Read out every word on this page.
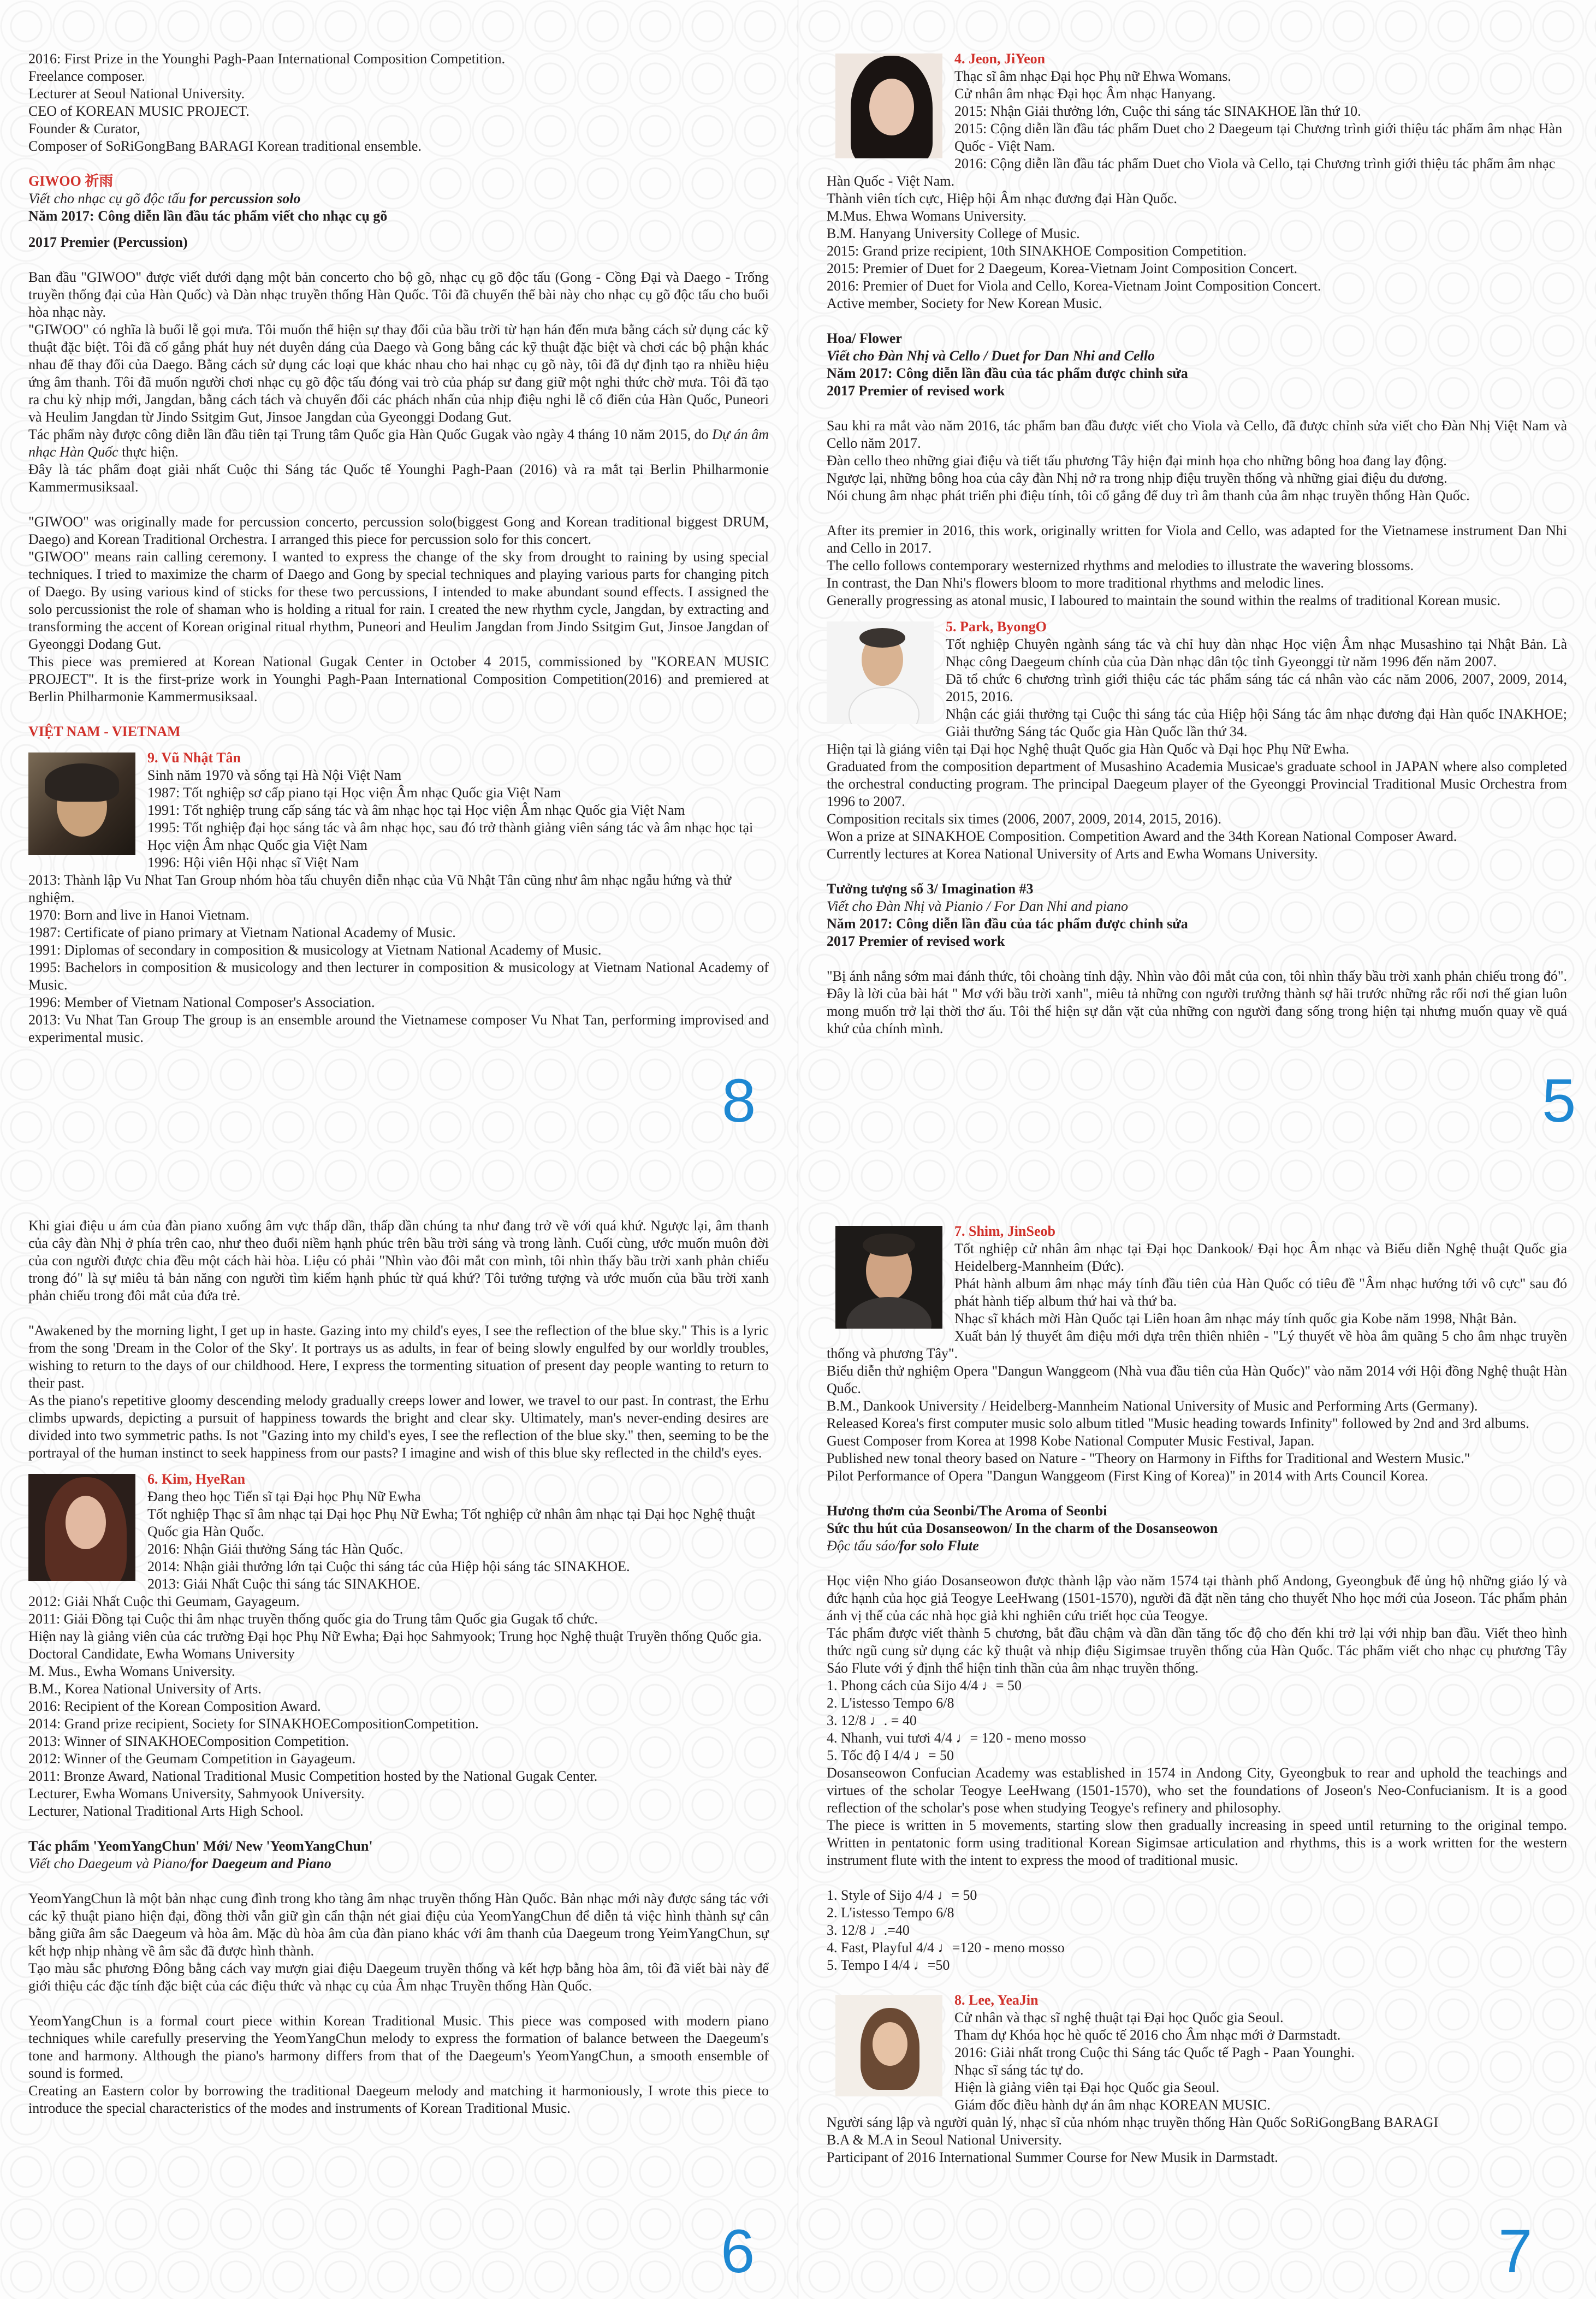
2016: First Prize in the Younghi Pagh-Paan International Composition Competition.

Freelance composer.

Lecturer at Seoul National University.

CEO of KOREAN MUSIC PROJECT.

Founder & Curator,

Composer of SoRiGongBang BARAGI Korean traditional ensemble.

GIWOO 祈雨

Viết cho nhạc cụ gõ độc tấu for percussion solo

Năm 2017: Công diễn lần đầu tác phẩm viết cho nhạc cụ gõ

2017 Premier (Percussion)

Ban đầu "GIWOO" được viết dưới dạng một bản concerto cho bộ gõ, nhạc cụ gõ độc tấu (Gong - Cồng Đại và Daego - Trống truyền thống đại của Hàn Quốc) và Dàn nhạc truyền thống Hàn Quốc. Tôi đã chuyển thể bài này cho nhạc cụ gõ độc tấu cho buổi hòa nhạc này.

"GIWOO" có nghĩa là buổi lễ gọi mưa. Tôi muốn thể hiện sự thay đổi của bầu trời từ hạn hán đến mưa bằng cách sử dụng các kỹ thuật đặc biệt. Tôi đã cố gắng phát huy nét duyên dáng của Daego và Gong bằng các kỹ thuật đặc biệt và chơi các bộ phận khác nhau để thay đổi của Daego. Bằng cách sử dụng các loại que khác nhau cho hai nhạc cụ gõ này, tôi đã dự định tạo ra nhiều hiệu ứng âm thanh. Tôi đã muốn người chơi nhạc cụ gõ độc tấu đóng vai trò của pháp sư đang giữ một nghi thức chờ mưa. Tôi đã tạo ra chu kỳ nhịp mới, Jangdan, bằng cách tách và chuyển đổi các phách nhấn của nhịp điệu nghi lễ cổ điển của Hàn Quốc, Puneori và Heulim Jangdan từ Jindo Ssitgim Gut, Jinsoe Jangdan của Gyeonggi Dodang Gut.

Tác phẩm này được công diễn lần đầu tiên tại Trung tâm Quốc gia Hàn Quốc Gugak vào ngày 4 tháng 10 năm 2015, do Dự án âm nhạc Hàn Quốc thực hiện.

Đây là tác phẩm đoạt giải nhất Cuộc thi Sáng tác Quốc tế Younghi Pagh-Paan (2016) và ra mắt tại Berlin Philharmonie Kammermusiksaal.

"GIWOO" was originally made for percussion concerto, percussion solo(biggest Gong and Korean traditional biggest DRUM, Daego) and Korean Traditional Orchestra. I arranged this piece for percussion solo for this concert.

"GIWOO" means rain calling ceremony. I wanted to express the change of the sky from drought to raining by using special techniques. I tried to maximize the charm of Daego and Gong by special techniques and playing various parts for changing pitch of Daego. By using various kind of sticks for these two percussions, I intended to make abundant sound effects. I assigned the solo percussionist the role of shaman who is holding a ritual for rain. I created the new rhythm cycle, Jangdan, by extracting and transforming the accent of Korean original ritual rhythm, Puneori and Heulim Jangdan from Jindo Ssitgim Gut, Jinsoe Jangdan of Gyeonggi Dodang Gut.

This piece was premiered at Korean National Gugak Center in October 4 2015, commissioned by "KOREAN MUSIC PROJECT". It is the first-prize work in Younghi Pagh-Paan International Composition Competition(2016) and premiered at Berlin Philharmonie Kammermusiksaal.

VIỆT NAM - VIETNAM

9. Vũ Nhật Tân

Sinh năm 1970 và sống tại Hà Nội Việt Nam

1987: Tốt nghiệp sơ cấp piano tại Học viện Âm nhạc Quốc gia Việt Nam

1991: Tốt nghiệp trung cấp sáng tác và âm nhạc học tại Học viện Âm nhạc Quốc gia Việt Nam

1995: Tốt nghiệp đại học sáng tác và âm nhạc học, sau đó trở thành giảng viên sáng tác và âm nhạc học tại Học viện Âm nhạc Quốc gia Việt Nam

1996: Hội viên Hội nhạc sĩ Việt Nam

2013: Thành lập Vu Nhat Tan Group nhóm hòa tấu chuyên diễn nhạc của Vũ Nhật Tân cũng như âm nhạc ngẫu hứng và thử nghiệm.

1970: Born and live in Hanoi Vietnam.

1987: Certificate of piano primary at Vietnam National Academy of Music.

1991: Diplomas of secondary in composition & musicology at Vietnam National Academy of Music.

1995: Bachelors in composition & musicology and then lecturer in composition & musicology at Vietnam National Academy of Music.

1996: Member of Vietnam National Composer's Association.

2013: Vu Nhat Tan Group The group is an ensemble around the Vietnamese composer Vu Nhat Tan, performing improvised and experimental music.

8

4. Jeon, JiYeon

Thạc sĩ âm nhạc Đại học Phụ nữ Ehwa Womans.

Cử nhân âm nhạc Đại học Âm nhạc Hanyang.

2015: Nhận Giải thưởng lớn, Cuộc thi sáng tác SINAKHOE lần thứ 10.

2015: Cộng diễn lần đầu tác phẩm Duet cho 2 Daegeum tại Chương trình giới thiệu tác phẩm âm nhạc Hàn Quốc - Việt Nam.

2016: Cộng diễn lần đầu tác phẩm Duet cho Viola và Cello, tại Chương trình giới thiệu tác phẩm âm nhạc Hàn Quốc - Việt Nam.

Thành viên tích cực, Hiệp hội Âm nhạc đương đại Hàn Quốc.

M.Mus. Ehwa Womans University.

B.M. Hanyang University College of Music.

2015: Grand prize recipient, 10th SINAKHOE Composition Competition.

2015: Premier of Duet for 2 Daegeum, Korea-Vietnam Joint Composition Concert.

2016: Premier of Duet for Viola and Cello, Korea-Vietnam Joint Composition Concert.

Active member, Society for New Korean Music.

Hoa/ Flower

Viết cho Đàn Nhị và Cello / Duet for Dan Nhi and Cello

Năm 2017: Công diễn lần đầu của tác phẩm được chỉnh sửa

2017 Premier of revised work

Sau khi ra mắt vào năm 2016, tác phẩm ban đầu được viết cho Viola và Cello, đã được chỉnh sửa viết cho Đàn Nhị Việt Nam và Cello năm 2017.

Đàn cello theo những giai điệu và tiết tấu phương Tây hiện đại minh họa cho những bông hoa đang lay động.

Ngược lại, những bông hoa của cây đàn Nhị nở ra trong nhịp điệu truyền thống và những giai điệu du dương.

Nói chung âm nhạc phát triển phi điệu tính, tôi cố gắng để duy trì âm thanh của âm nhạc truyền thống Hàn Quốc.

After its premier in 2016, this work, originally written for Viola and Cello, was adapted for the Vietnamese instrument Dan Nhi and Cello in 2017.

The cello follows contemporary westernized rhythms and melodies to illustrate the wavering blossoms.

In contrast, the Dan Nhi's flowers bloom to more traditional rhythms and melodic lines.

Generally progressing as atonal music, I laboured to maintain the sound within the realms of traditional Korean music.

5. Park, ByongO

Tốt nghiệp Chuyên ngành sáng tác và chỉ huy dàn nhạc Học viện Âm nhạc Musashino tại Nhật Bản. Là Nhạc công Daegeum chính của của Dàn nhạc dân tộc tỉnh Gyeonggi từ năm 1996 đến năm 2007.

Đã tổ chức 6 chương trình giới thiệu các tác phẩm sáng tác cá nhân vào các năm 2006, 2007, 2009, 2014, 2015, 2016.

Nhận các giải thưởng tại Cuộc thi sáng tác của Hiệp hội Sáng tác âm nhạc đương đại Hàn quốc INAKHOE; Giải thưởng Sáng tác Quốc gia Hàn Quốc lần thứ 34.

Hiện tại là giảng viên tại Đại học Nghệ thuật Quốc gia Hàn Quốc và Đại học Phụ Nữ Ewha.

Graduated from the composition department of Musashino Academia Musicae's graduate school in JAPAN where also completed the orchestral conducting program. The principal Daegeum player of the Gyeonggi Provincial Traditional Music Orchestra from 1996 to 2007.

Composition recitals six times (2006, 2007, 2009, 2014, 2015, 2016).

Won a prize at SINAKHOE Composition. Competition Award and the 34th Korean National Composer Award.

Currently lectures at Korea National University of Arts and Ewha Womans University.

Tưởng tượng số 3/ Imagination #3

Viết cho Đàn Nhị và Pianio / For Dan Nhi and piano

Năm 2017: Công diễn lần đầu của tác phẩm được chỉnh sửa

2017 Premier of revised work

"Bị ánh nắng sớm mai đánh thức, tôi choàng tỉnh dậy. Nhìn vào đôi mắt của con, tôi nhìn thấy bầu trời xanh phản chiếu trong đó". Đây là lời của bài hát " Mơ với bầu trời xanh", miêu tả những con người trưởng thành sợ hãi trước những rắc rối nơi thế gian luôn mong muốn trở lại thời thơ ấu. Tôi thể hiện sự dằn vặt của những con người đang sống trong hiện tại nhưng muốn quay về quá khứ của chính mình.

5

Khi giai điệu u ám của đàn piano xuống âm vực thấp dần, thấp dần chúng ta như đang trở về với quá khứ. Ngược lại, âm thanh của cây đàn Nhị ở phía trên cao, như theo đuổi niềm hạnh phúc trên bầu trời sáng và trong lành. Cuối cùng, ước muốn muôn đời của con người được chia đều một cách hài hòa. Liệu có phải "Nhìn vào đôi mắt con mình, tôi nhìn thấy bầu trời xanh phản chiếu trong đó" là sự miêu tả bản năng con người tìm kiếm hạnh phúc từ quá khứ? Tôi tưởng tượng và ước muốn của bầu trời xanh phản chiếu trong đôi mắt của đứa trẻ.

"Awakened by the morning light, I get up in haste. Gazing into my child's eyes, I see the reflection of the blue sky." This is a lyric from the song 'Dream in the Color of the Sky'. It portrays us as adults, in fear of being slowly engulfed by our worldly troubles, wishing to return to the days of our childhood. Here, I express the tormenting situation of present day people wanting to return to their past.

As the piano's repetitive gloomy descending melody gradually creeps lower and lower, we travel to our past. In contrast, the Erhu climbs upwards, depicting a pursuit of happiness towards the bright and clear sky. Ultimately, man's never-ending desires are divided into two symmetric paths. Is not "Gazing into my child's eyes, I see the reflection of the blue sky." then, seeming to be the portrayal of the human instinct to seek happiness from our pasts? I imagine and wish of this blue sky reflected in the child's eyes.

6. Kim, HyeRan

Đang theo học Tiến sĩ tại Đại học Phụ Nữ Ewha

Tốt nghiệp Thạc sĩ âm nhạc tại Đại học Phụ Nữ Ewha; Tốt nghiệp cử nhân âm nhạc tại Đại học Nghệ thuật Quốc gia Hàn Quốc.

2016: Nhận Giải thưởng Sáng tác Hàn Quốc.

2014: Nhận giải thưởng lớn tại Cuộc thi sáng tác của Hiệp hội sáng tác SINAKHOE.

2013: Giải Nhất Cuộc thi sáng tác SINAKHOE.

2012: Giải Nhất Cuộc thi Geumam, Gayageum.

2011: Giải Đồng tại Cuộc thi âm nhạc truyền thống quốc gia do Trung tâm Quốc gia Gugak tổ chức.

Hiện nay là giảng viên của các trường Đại học Phụ Nữ Ewha; Đại học Sahmyook; Trung học Nghệ thuật Truyền thống Quốc gia.

Doctoral Candidate, Ewha Womans University

M. Mus., Ewha Womans University.

B.M., Korea National University of Arts.

2016: Recipient of the Korean Composition Award.

2014: Grand prize recipient, Society for SINAKHOECompositionCompetition.

2013: Winner of SINAKHOEComposition Competition.

2012: Winner of the Geumam Competition in Gayageum.

2011: Bronze Award, National Traditional Music Competition hosted by the National Gugak Center.

Lecturer, Ewha Womans University, Sahmyook University.

Lecturer, National Traditional Arts High School.

Tác phẩm 'YeomYangChun' Mới/ New 'YeomYangChun'

Viết cho Daegeum và Piano/for Daegeum and Piano

YeomYangChun là một bản nhạc cung đình trong kho tàng âm nhạc truyền thống Hàn Quốc. Bản nhạc mới này được sáng tác với các kỹ thuật piano hiện đại, đồng thời vẫn giữ gìn cẩn thận nét giai điệu của YeomYangChun để diễn tả việc hình thành sự cân bằng giữa âm sắc Daegeum và hòa âm. Mặc dù hòa âm của đàn piano khác với âm thanh của Daegeum trong YeimYangChun, sự kết hợp nhịp nhàng về âm sắc đã được hình thành.

Tạo màu sắc phương Đông bằng cách vay mượn giai điệu Daegeum truyền thống và kết hợp bằng hòa âm, tôi đã viết bài này để giới thiệu các đặc tính đặc biệt của các điệu thức và nhạc cụ của Âm nhạc Truyền thống Hàn Quốc.

YeomYangChun is a formal court piece within Korean Traditional Music. This piece was composed with modern piano techniques while carefully preserving the YeomYangChun melody to express the formation of balance between the Daegeum's tone and harmony. Although the piano's harmony differs from that of the Daegeum's YeomYangChun, a smooth ensemble of sound is formed.

Creating an Eastern color by borrowing the traditional Daegeum melody and matching it harmoniously, I wrote this piece to introduce the special characteristics of the modes and instruments of Korean Traditional Music.

6

7. Shim, JinSeob

Tốt nghiệp cử nhân âm nhạc tại Đại học Dankook/ Đại học Âm nhạc và Biểu diễn Nghệ thuật Quốc gia Heidelberg-Mannheim (Đức).

Phát hành album âm nhạc máy tính đầu tiên của Hàn Quốc có tiêu đề "Âm nhạc hướng tới vô cực" sau đó phát hành tiếp album thứ hai và thứ ba.

Nhạc sĩ khách mời Hàn Quốc tại Liên hoan âm nhạc máy tính quốc gia Kobe năm 1998, Nhật Bản.

Xuất bản lý thuyết âm điệu mới dựa trên thiên nhiên - "Lý thuyết về hòa âm quãng 5 cho âm nhạc truyền thống và phương Tây".

Biểu diễn thử nghiệm Opera "Dangun Wanggeom (Nhà vua đầu tiên của Hàn Quốc)" vào năm 2014 với Hội đồng Nghệ thuật Hàn Quốc.

B.M., Dankook University / Heidelberg-Mannheim National University of Music and Performing Arts (Germany).

Released Korea's first computer music solo album titled "Music heading towards Infinity" followed by 2nd and 3rd albums.

Guest Composer from Korea at 1998 Kobe National Computer Music Festival, Japan.

Published new tonal theory based on Nature - "Theory on Harmony in Fifths for Traditional and Western Music."

Pilot Performance of Opera "Dangun Wanggeom (First King of Korea)" in 2014 with Arts Council Korea.

Hương thơm của Seonbi/The Aroma of Seonbi

Sức thu hút của Dosanseowon/ In the charm of the Dosanseowon

Độc tấu sáo/for solo Flute

Học viện Nho giáo Dosanseowon được thành lập vào năm 1574 tại thành phố Andong, Gyeongbuk để ủng hộ những giáo lý và đức hạnh của học giả Teogye LeeHwang (1501-1570), người đã đặt nền tảng cho thuyết Nho học mới của Joseon. Tác phẩm phản ánh vị thế của các nhà học giả khi nghiên cứu triết học của Teogye.

Tác phẩm được viết thành 5 chương, bắt đầu chậm và dần dần tăng tốc độ cho đến khi trở lại với nhịp ban đầu. Viết theo hình thức ngũ cung sử dụng các kỹ thuật và nhịp điệu Sigimsae truyền thống của Hàn Quốc. Tác phẩm viết cho nhạc cụ phương Tây Sáo Flute với ý định thể hiện tinh thần của âm nhạc truyền thống.

1. Phong cách của Sijo 4/4 ♩= 50

2. L'istesso Tempo 6/8

3. 12/8 ♩. = 40

4. Nhanh, vui tươi 4/4 ♩= 120 - meno mosso

5. Tốc độ I 4/4 ♩= 50

Dosanseowon Confucian Academy was established in 1574 in Andong City, Gyeongbuk to rear and uphold the teachings and virtues of the scholar Teogye LeeHwang (1501-1570), who set the foundations of Joseon's Neo-Confucianism. It is a good reflection of the scholar's pose when studying Teogye's refinery and philosophy.

The piece is written in 5 movements, starting slow then gradually increasing in speed until returning to the original tempo. Written in pentatonic form using traditional Korean Sigimsae articulation and rhythms, this is a work written for the western instrument flute with the intent to express the mood of traditional music.

1. Style of Sijo 4/4 ♩= 50

2. L'istesso Tempo 6/8

3. 12/8 ♩.=40

4. Fast, Playful 4/4 ♩=120 - meno mosso

5. Tempo I 4/4 ♩=50

8. Lee, YeaJin

Cử nhân và thạc sĩ nghệ thuật tại Đại học Quốc gia Seoul.

Tham dự Khóa học hè quốc tế 2016 cho Âm nhạc mới ở Darmstadt.

2016: Giải nhất trong Cuộc thi Sáng tác Quốc tế Pagh - Paan Younghi.

Nhạc sĩ sáng tác tự do.

Hiện là giảng viên tại Đại học Quốc gia Seoul.

Giám đốc điều hành dự án âm nhạc KOREAN MUSIC.

Người sáng lập và người quản lý, nhạc sĩ của nhóm nhạc truyền thống Hàn Quốc SoRiGongBang BARAGI

B.A & M.A in Seoul National University.

Participant of 2016 International Summer Course for New Musik in Darmstadt.

7
